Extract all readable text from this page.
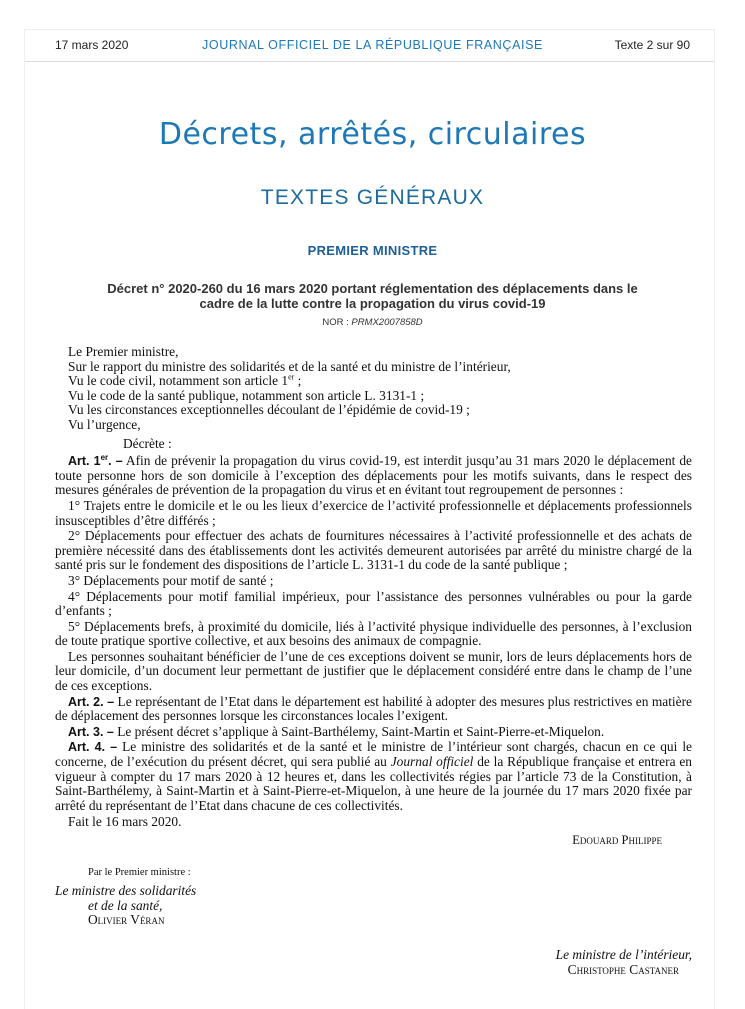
17 mars 2020	JOURNAL OFFICIEL DE LA RÉPUBLIQUE FRANÇAISE	Texte 2 sur 90
Décrets, arrêtés, circulaires
TEXTES GÉNÉRAUX
PREMIER MINISTRE
Décret n° 2020-260 du 16 mars 2020 portant réglementation des déplacements dans le cadre de la lutte contre la propagation du virus covid-19
NOR : PRMX2007858D

Le Premier ministre,

Sur le rapport du ministre des solidarités et de la santé et du ministre de l’intérieur,

Vu le code civil, notamment son article 1er ;

Vu le code de la santé publique, notamment son article L. 3131-1 ;

Vu les circonstances exceptionnelles découlant de l’épidémie de covid-19 ;

Vu l’urgence,

Décrète :

Art. 1er. – Afin de prévenir la propagation du virus covid-19, est interdit jusqu’au 31 mars 2020 le déplacement de toute personne hors de son domicile à l’exception des déplacements pour les motifs suivants, dans le respect des mesures générales de prévention de la propagation du virus et en évitant tout regroupement de personnes :

1° Trajets entre le domicile et le ou les lieux d’exercice de l’activité professionnelle et déplacements professionnels insusceptibles d’être différés ;

2° Déplacements pour effectuer des achats de fournitures nécessaires à l’activité professionnelle et des achats de première nécessité dans des établissements dont les activités demeurent autorisées par arrêté du ministre chargé de la santé pris sur le fondement des dispositions de l’article L. 3131-1 du code de la santé publique ;

3° Déplacements pour motif de santé ;

4° Déplacements pour motif familial impérieux, pour l’assistance des personnes vulnérables ou pour la garde d’enfants ;

5° Déplacements brefs, à proximité du domicile, liés à l’activité physique individuelle des personnes, à l’exclusion de toute pratique sportive collective, et aux besoins des animaux de compagnie.

Les personnes souhaitant bénéficier de l’une de ces exceptions doivent se munir, lors de leurs déplacements hors de leur domicile, d’un document leur permettant de justifier que le déplacement considéré entre dans le champ de l’une de ces exceptions.

Art. 2. – Le représentant de l’Etat dans le département est habilité à adopter des mesures plus restrictives en matière de déplacement des personnes lorsque les circonstances locales l’exigent.

Art. 3. – Le présent décret s’applique à Saint-Barthélemy, Saint-Martin et Saint-Pierre-et-Miquelon.

Art. 4. – Le ministre des solidarités et de la santé et le ministre de l’intérieur sont chargés, chacun en ce qui le concerne, de l’exécution du présent décret, qui sera publié au Journal officiel de la République française et entrera en vigueur à compter du 17 mars 2020 à 12 heures et, dans les collectivités régies par l’article 73 de la Constitution, à Saint-Barthélemy, à Saint-Martin et à Saint-Pierre-et-Miquelon, à une heure de la journée du 17 mars 2020 fixée par arrêté du représentant de l’Etat dans chacune de ces collectivités.

Fait le 16 mars 2020.

Edouard Philippe

Par le Premier ministre :

Le ministre des solidarités

et de la santé,

Olivier Véran

Le ministre de l’intérieur,

Christophe Castaner
